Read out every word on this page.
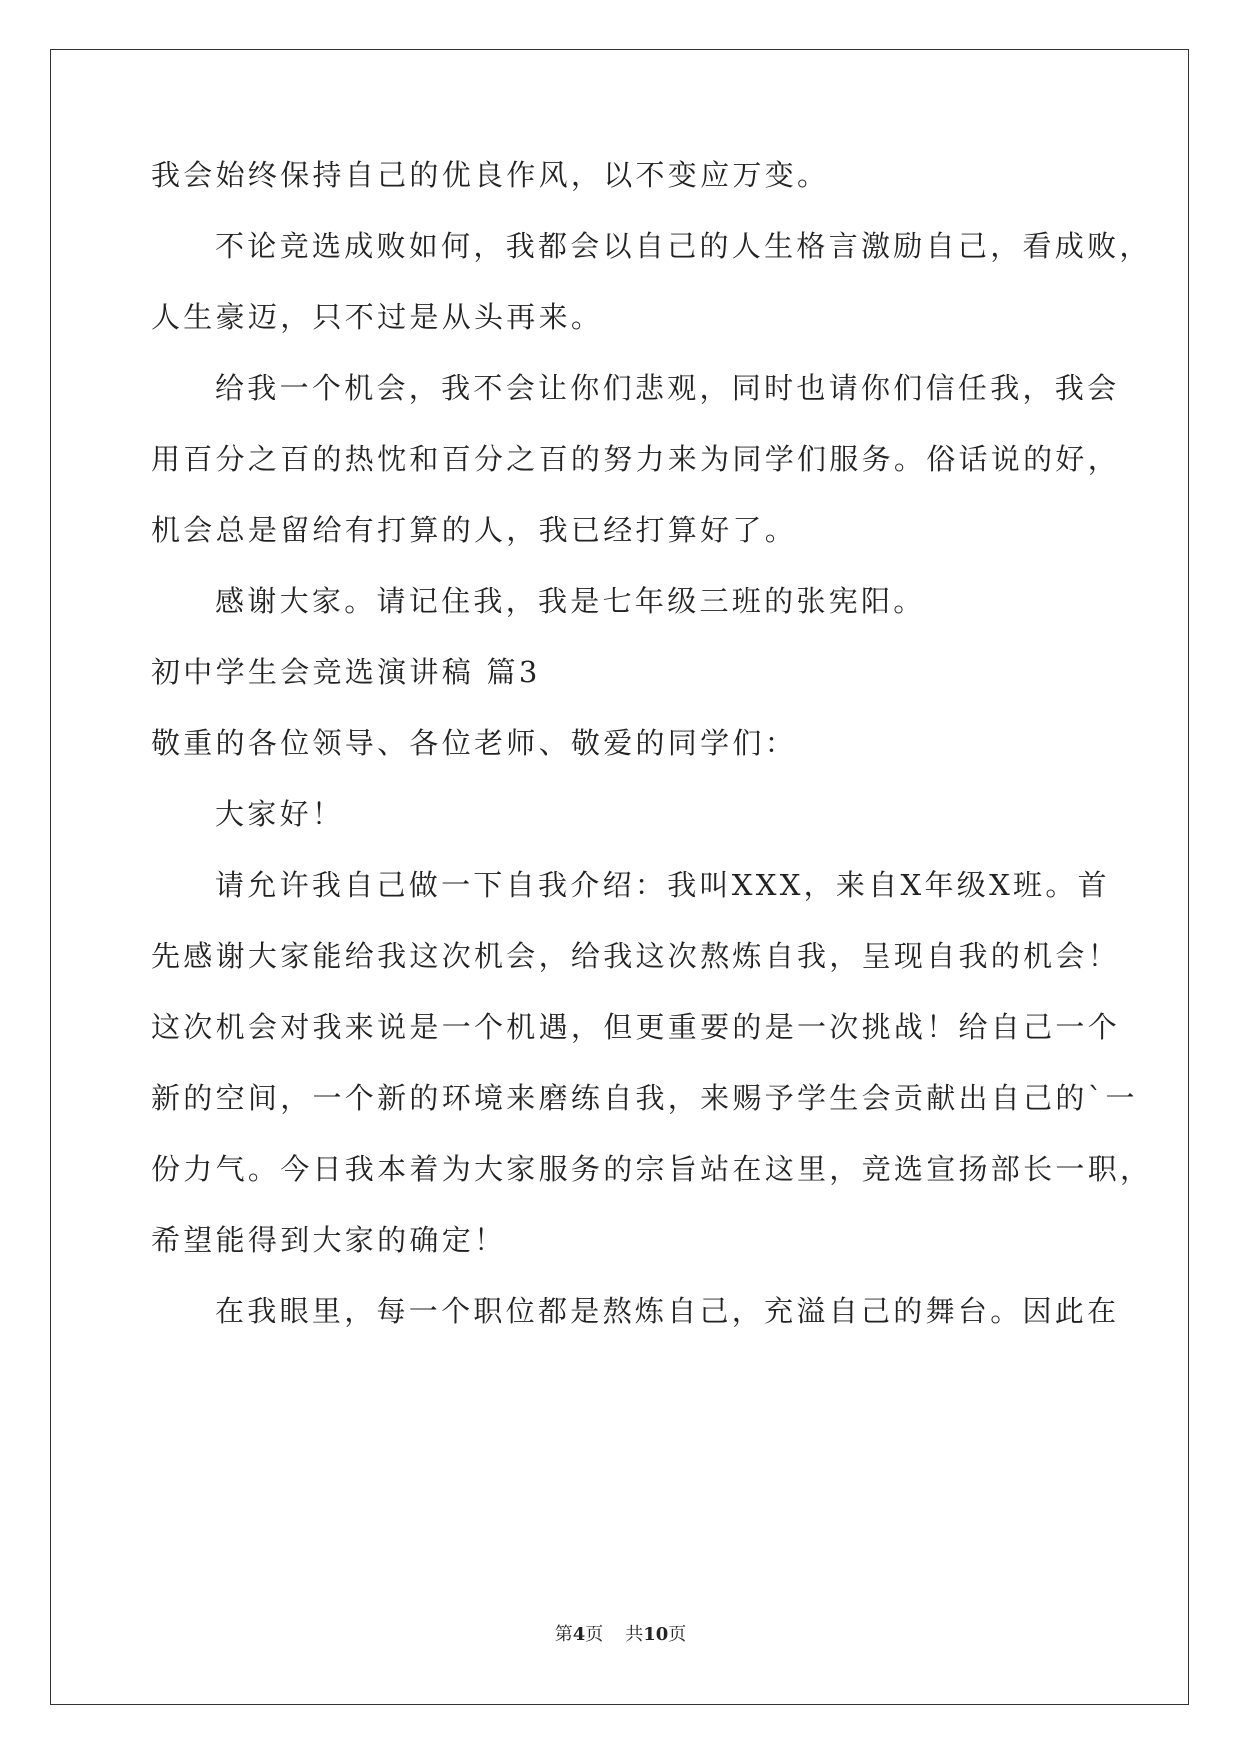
我会始终保持自己的优良作风，以不变应万变。
不论竞选成败如何，我都会以自己的人生格言激励自己，看成败，
人生豪迈，只不过是从头再来。
给我一个机会，我不会让你们悲观，同时也请你们信任我，我会
用百分之百的热忱和百分之百的努力来为同学们服务。俗话说的好，
机会总是留给有打算的人，我已经打算好了。
感谢大家。请记住我，我是七年级三班的张宪阳。
初中学生会竞选演讲稿 篇3
敬重的各位领导、各位老师、敬爱的同学们：
大家好！
请允许我自己做一下自我介绍：我叫XXX，来自X年级X班。首
先感谢大家能给我这次机会，给我这次熬炼自我，呈现自我的机会！
这次机会对我来说是一个机遇，但更重要的是一次挑战！给自己一个
新的空间，一个新的环境来磨练自我，来赐予学生会贡献出自己的`一
份力气。今日我本着为大家服务的宗旨站在这里，竞选宣扬部长一职，
希望能得到大家的确定！
在我眼里，每一个职位都是熬炼自己，充溢自己的舞台。因此在
第4页 共10页
